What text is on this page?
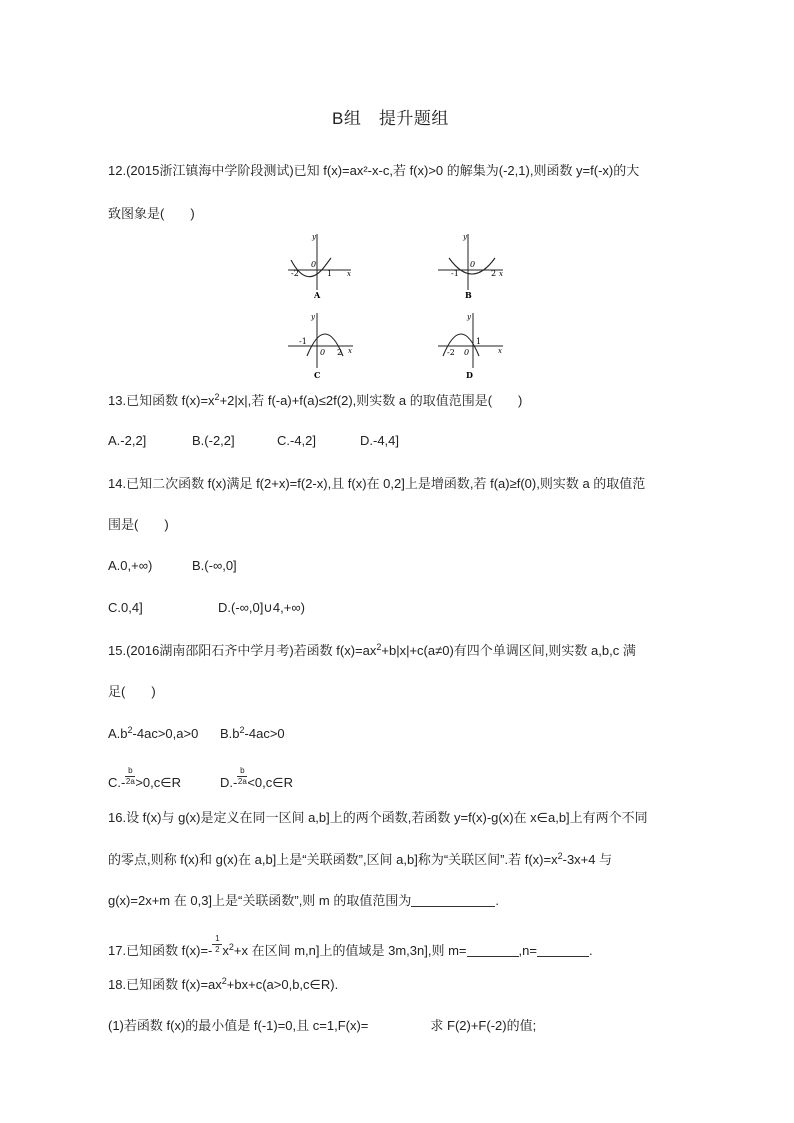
B组　提升题组
12.(2015浙江镇海中学阶段测试)已知 f(x)=ax²-x-c,若 f(x)>0 的解集为(-2,1),则函数 y=f(-x)的大
致图象是(　　)
y
x
-2
0
1
A
y
x
-1
0
2
B
y
x
-1
0 2
C
y
x
-2 0
1
D
13.已知函数 $f(x)=x^2+2|x|$,若 f(-a)+f(a)≤2f(2),则实数 a 的取值范围是(　　)
A.-2,2]	B.(-2,2]	C.-4,2]	D.-4,4]
14.已知二次函数 f(x)满足 f(2+x)=f(2-x),且 f(x)在 0,2]上是增函数,若 f(a)≥f(0),则实数 a 的取值范
围是(　　)
A.0,+∞)	B.(-∞,0]
C.0,4]	D.(-∞,0]∪4,+∞)
15.(2016湖南邵阳石齐中学月考)若函数 $f(x)=ax^2+b|x|+c(a\ne 0)$有四个单调区间,则实数 a,b,c 满
足(　　)
$A.b^2-4ac>0,a>0$ $B.b^2-4ac>0$
$C.-\frac{b}{2a}>0,c\in R$	$D.-\frac{b}{2a}<0,c\in R$
16.设 f(x)与 g(x)是定义在同一区间 a,b]上的两个函数,若函数 y=f(x)-g(x)在 x∈a,b]上有两个不同
的零点,则称 f(x)和 g(x)在 a,b]上是“关联函数”,区间 a,b]称为“关联区间”.若 $f(x)=x^2-3x+4$ 与
g(x)=2x+m 在 0,3]上是“关联函数”,则 m 的取值范围为	.
17.已知函数 $f(x)=-\frac{1}{2}x^2+x$ 在区间 m,n]上的值域是 3m,3n],则 m=	,n=	.
18.已知函数 $f(x)=ax^2+bx+c(a>0,b,c\in R)$.
(1)若函数 f(x)的最小值是 f(-1)=0,且 c=1,F(x)=	求 F(2)+F(-2)的值;
